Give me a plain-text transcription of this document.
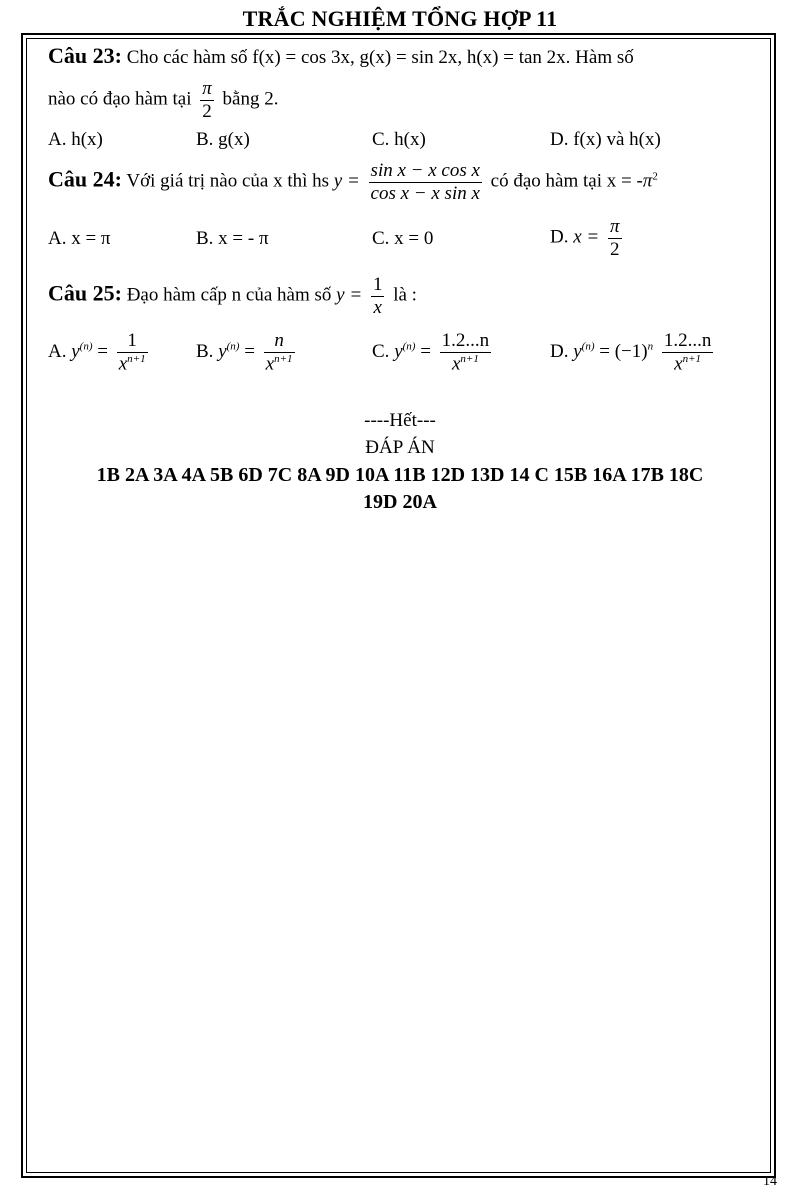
TRẮC NGHIỆM TỔNG HỢP 11
Câu 23: Cho các hàm số f(x) = cos 3x, g(x) = sin 2x, h(x) = tan 2x. Hàm số
nào có đạo hàm tại $\frac{\pi}{2}$ bằng 2.
A. h(x)	B. g(x)	C. h(x)	D. f(x) và h(x)
Câu 24: Với giá trị nào của x thì hs $y = \frac{\text{sin x − x cos x}}{\text{cos x − x sin x}}$ có đạo hàm tại $x = -\pi^2$
A. x = π	B. x = - π	C. x = 0	D. $x = \frac{\pi}{2}$
Câu 25: Đạo hàm cấp n của hàm số $y = \frac{1}{x}$ là :
A. $y^{(n)} = \frac{1}{x^{n+1}}$	B. $y^{(n)} = \frac{n}{x^{n+1}}$	C. $y^{(n)} = \frac{1.2...n}{x^{n+1}}$	D. $y^{(n)} = (-1)^n \frac{1.2...n}{x^{n+1}}$
----Hết---
ĐÁP ÁN
1B 2A 3A 4A 5B 6D 7C 8A 9D 10A 11B 12D 13D 14 C 15B 16A 17B 18C
19D 20A
14
